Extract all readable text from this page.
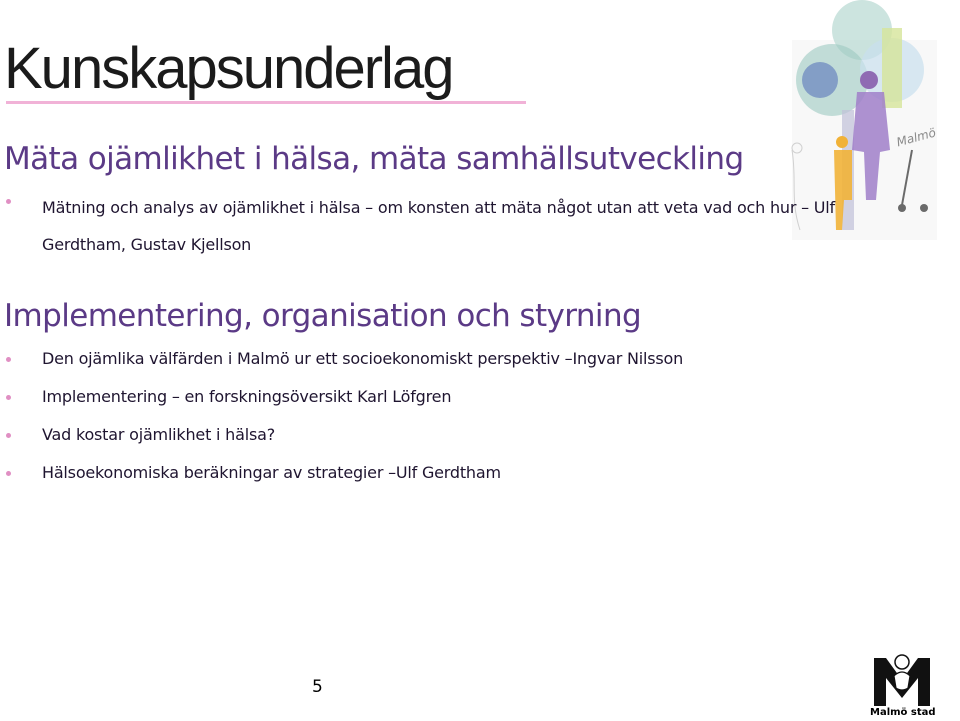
Kunskapsunderlag
Malmö
Mäta ojämlikhet i hälsa, mäta samhällsutveckling
Mätning och analys av ojämlikhet i hälsa – om konsten att mäta något utan att veta vad och hur – Ulf Gerdtham, Gustav Kjellson
Implementering, organisation och styrning
Den ojämlika välfärden i Malmö ur ett socioekonomiskt perspektiv –Ingvar Nilsson
Implementering – en forskningsöversikt Karl Löfgren
Vad kostar ojämlikhet i hälsa?
Hälsoekonomiska beräkningar av strategier –Ulf Gerdtham
5
Malmö stad
